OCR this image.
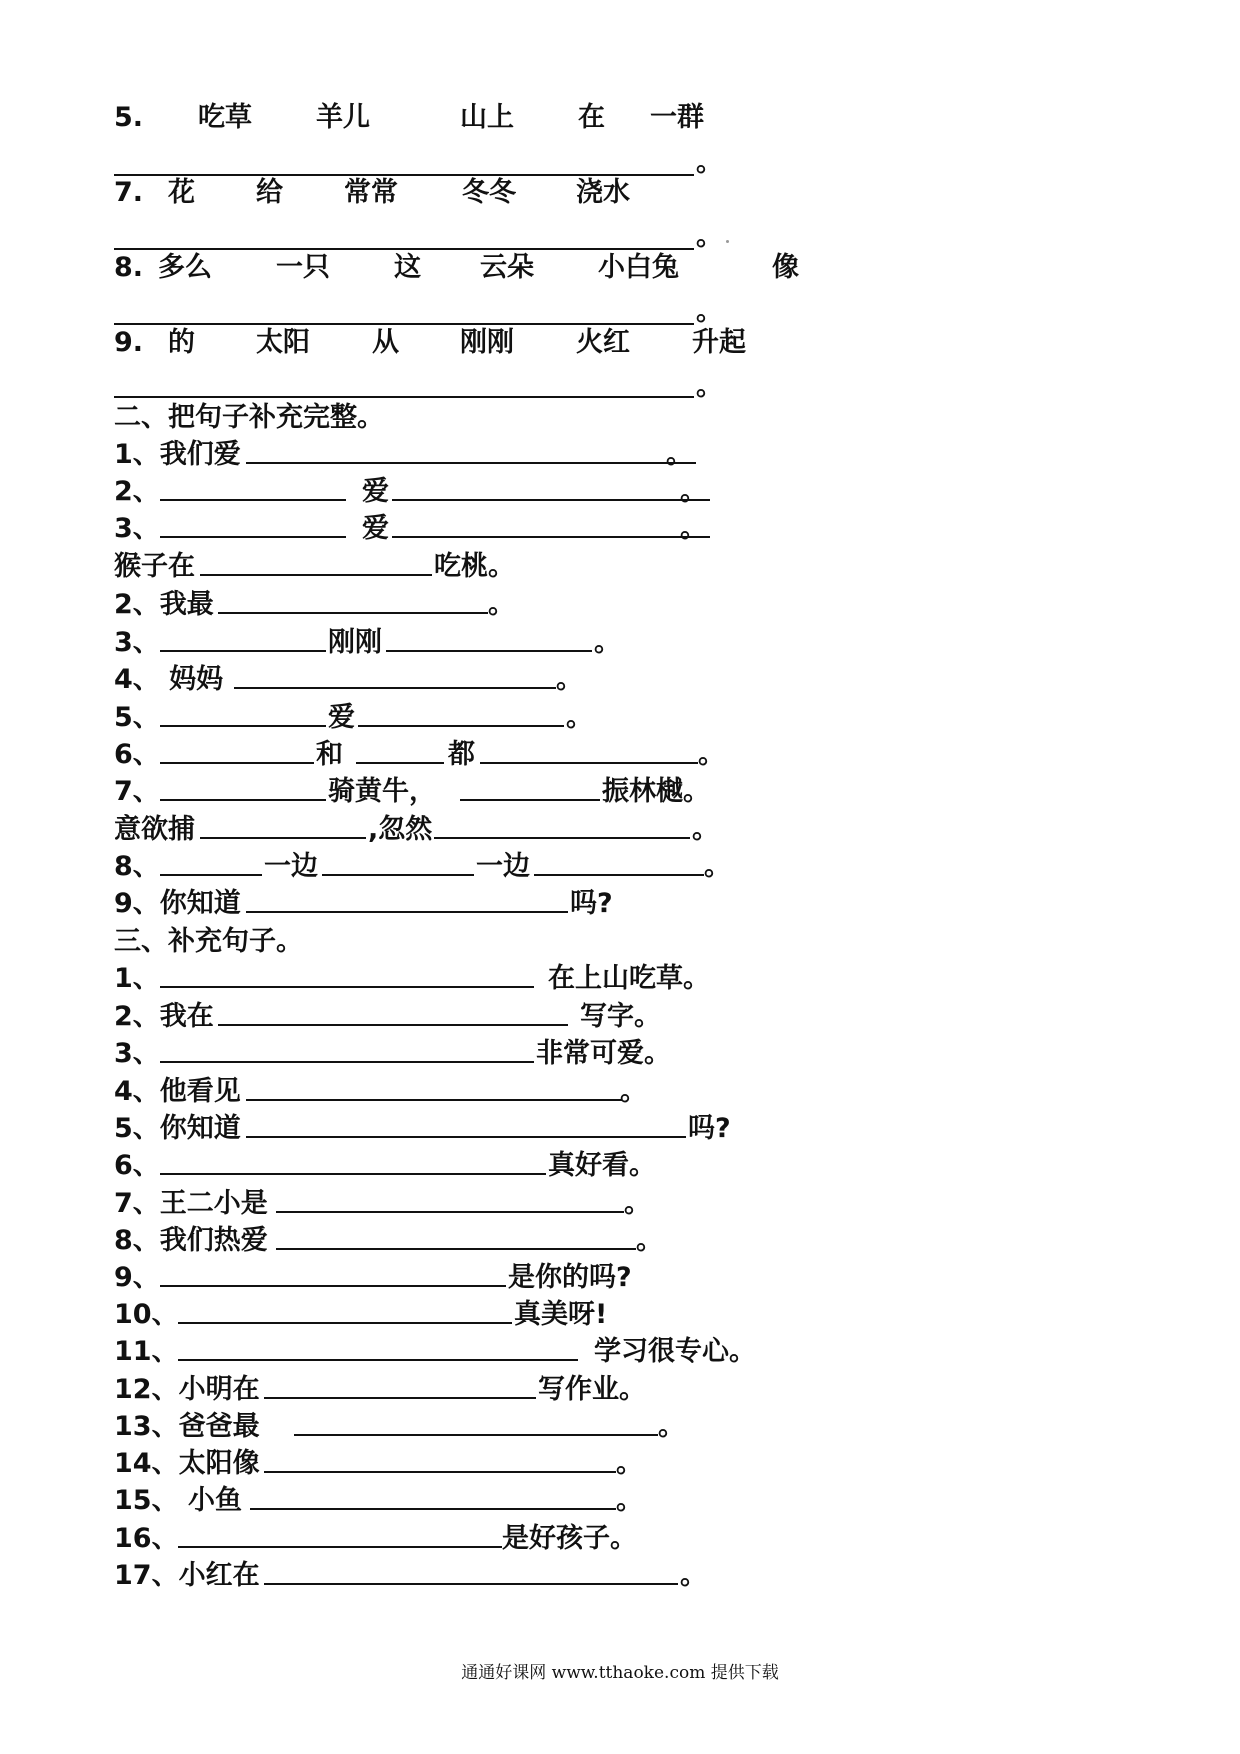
5. 吃草 羊儿	山上 在 一群
。
7. 花 给 常常 冬冬 浇水
。
8. 多么 一只 这 云朵 小白兔	像
。
9. 的 太阳 从 刚刚 火红 升起
。
二、把句子补充完整。
1、我们爱	。
2、	爱	。
3、	爱	。
猴子在	吃桃。
2、我最	。
3、	刚刚	。
4、 妈妈	。
5、	爱	。
6、	和	都	。
7、	骑黄牛，	振林樾。
意欲捕	,忽然	。
8、	一边	一边	。
9、你知道	吗?
三、补充句子。
1、	在上山吃草。
2、我在	写字。
3、	非常可爱。
4、他看见	。
5、你知道	吗?
6、	真好看。
7、王二小是	。
8、我们热爱	。
9、	是你的吗?
10、	真美呀!
11、	学习很专心。
12、小明在	写作业。
13、爸爸最	。
14、太阳像	。
15、 小鱼	。
16、	是好孩子。
17、小红在	。
通通好课网 www.tthaoke.com 提供下载
